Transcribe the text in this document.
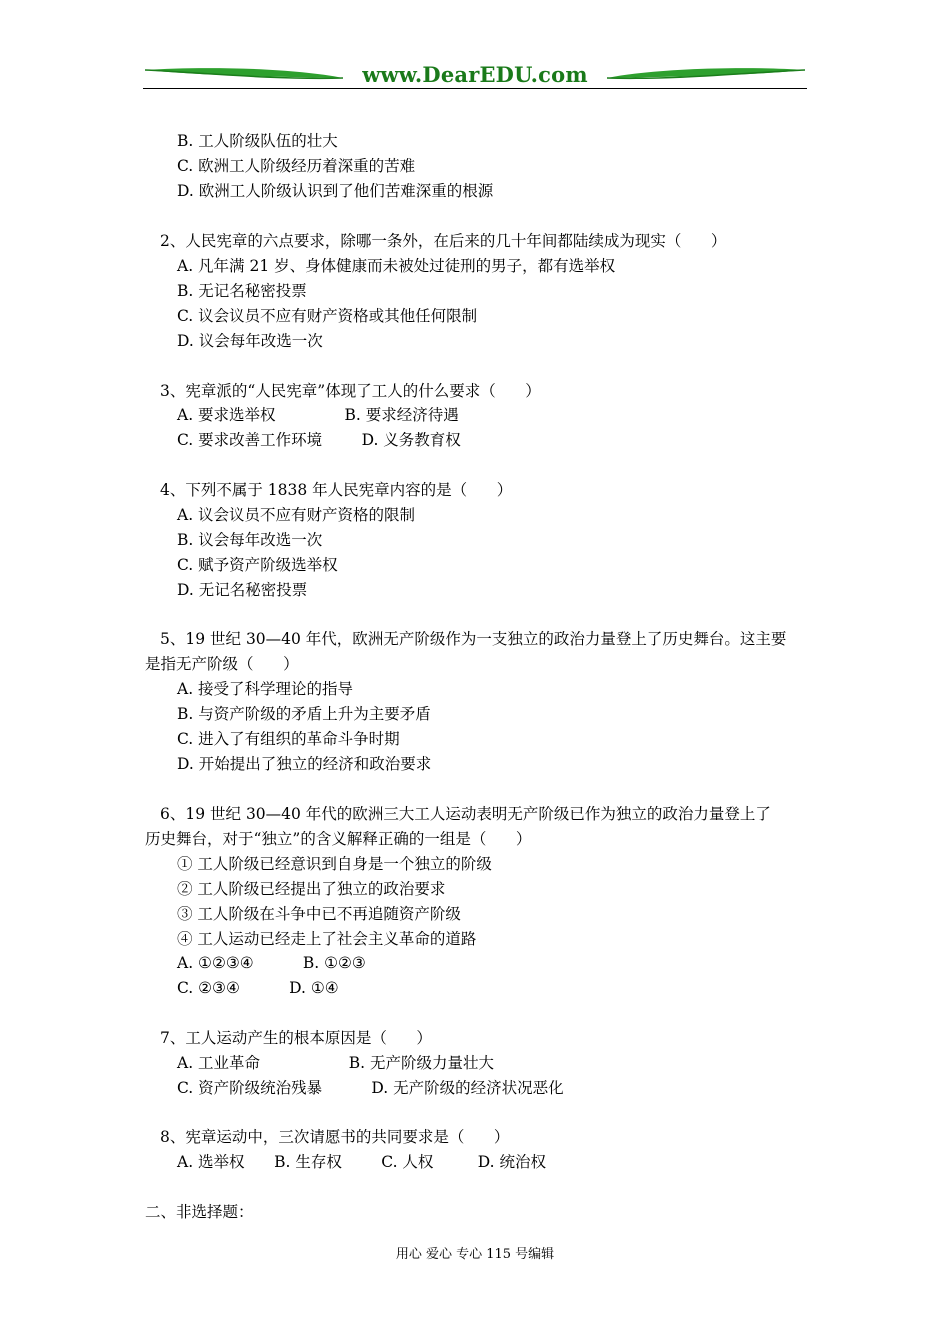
www.DearEDU.com
B. 工人阶级队伍的壮大
C. 欧洲工人阶级经历着深重的苦难
D. 欧洲工人阶级认识到了他们苦难深重的根源
2、人民宪章的六点要求，除哪一条外，在后来的几十年间都陆续成为现实（      ）
A. 凡年满 21 岁、身体健康而未被处过徒刑的男子，都有选举权
B. 无记名秘密投票
C. 议会议员不应有财产资格或其他任何限制
D. 议会每年改选一次
3、宪章派的“人民宪章”体现了工人的什么要求（      ）
A. 要求选举权              B. 要求经济待遇
C. 要求改善工作环境        D. 义务教育权
4、下列不属于 1838 年人民宪章内容的是（      ）
A. 议会议员不应有财产资格的限制
B. 议会每年改选一次
C. 赋予资产阶级选举权
D. 无记名秘密投票
5、19 世纪 30—40 年代，欧洲无产阶级作为一支独立的政治力量登上了历史舞台。这主要
是指无产阶级（      ）
A. 接受了科学理论的指导
B. 与资产阶级的矛盾上升为主要矛盾
C. 进入了有组织的革命斗争时期
D. 开始提出了独立的经济和政治要求
6、19 世纪 30—40 年代的欧洲三大工人运动表明无产阶级已作为独立的政治力量登上了
历史舞台，对于“独立”的含义解释正确的一组是（      ）
① 工人阶级已经意识到自身是一个独立的阶级
② 工人阶级已经提出了独立的政治要求
③ 工人阶级在斗争中已不再追随资产阶级
④ 工人运动已经走上了社会主义革命的道路
A. ①②③④          B. ①②③
C. ②③④          D. ①④
7、工人运动产生的根本原因是（      ）
A. 工业革命                  B. 无产阶级力量壮大
C. 资产阶级统治残暴          D. 无产阶级的经济状况恶化
8、宪章运动中，三次请愿书的共同要求是（      ）
A. 选举权      B. 生存权        C. 人权         D. 统治权
二、非选择题：
用心 爱心 专心 115 号编辑
